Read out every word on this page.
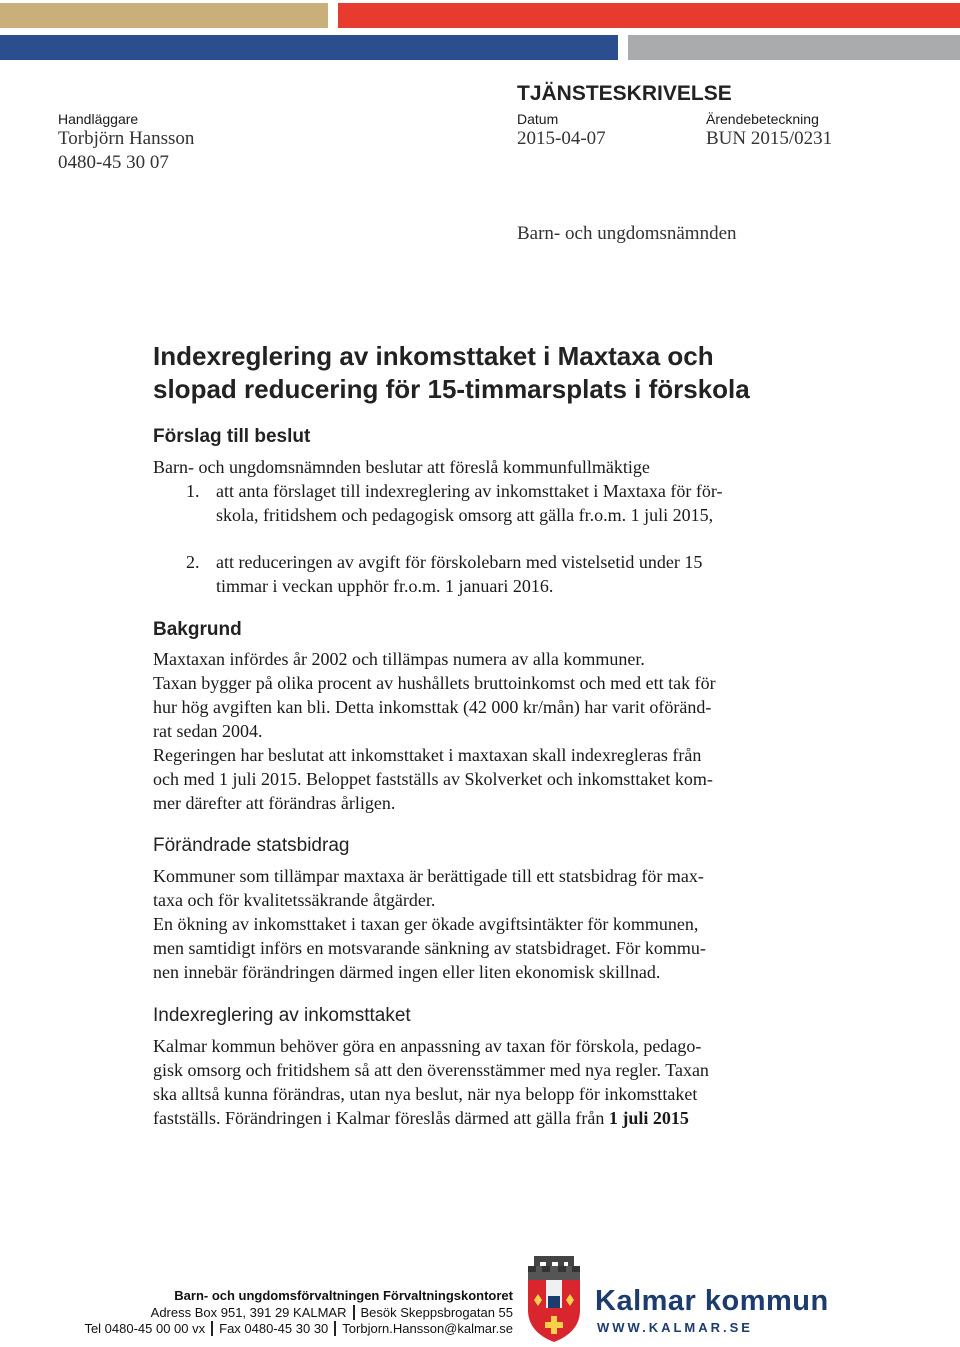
TJÄNSTESKRIVELSE
Handläggare
Torbjörn Hansson
0480-45 30 07
Datum
2015-04-07
Ärendebeteckning
BUN 2015/0231
Barn- och ungdomsnämnden
Indexreglering av inkomsttaket i Maxtaxa och
slopad reducering för 15-timmarsplats i förskola
Förslag till beslut
Barn- och ungdomsnämnden beslutar att föreslå kommunfullmäktige
1. att anta förslaget till indexreglering av inkomsttaket i Maxtaxa för för-
skola, fritidshem och pedagogisk omsorg att gälla fr.o.m. 1 juli 2015,
2. att reduceringen av avgift för förskolebarn med vistelsetid under 15
timmar i veckan upphör fr.o.m. 1 januari 2016.
Bakgrund
Maxtaxan infördes år 2002 och tillämpas numera av alla kommuner.
Taxan bygger på olika procent av hushållets bruttoinkomst och med ett tak för
hur hög avgiften kan bli. Detta inkomsttak (42 000 kr/mån) har varit oföränd-
rat sedan 2004.
Regeringen har beslutat att inkomsttaket i maxtaxan skall indexregleras från
och med 1 juli 2015. Beloppet fastställs av Skolverket och inkomsttaket kom-
mer därefter att förändras årligen.
Förändrade statsbidrag
Kommuner som tillämpar maxtaxa är berättigade till ett statsbidrag för max-
taxa och för kvalitetssäkrande åtgärder.
En ökning av inkomsttaket i taxan ger ökade avgiftsintäkter för kommunen,
men samtidigt införs en motsvarande sänkning av statsbidraget. För kommu-
nen innebär förändringen därmed ingen eller liten ekonomisk skillnad.
Indexreglering av inkomsttaket
Kalmar kommun behöver göra en anpassning av taxan för förskola, pedago-
gisk omsorg och fritidshem så att den överensstämmer med nya regler. Taxan
ska alltså kunna förändras, utan nya beslut, när nya belopp för inkomsttaket
fastställs. Förändringen i Kalmar föreslås därmed att gälla från 1 juli 2015
Barn- och ungdomsförvaltningen Förvaltningskontoret
Adress Box 951, 391 29 KALMAR Besök Skeppsbrogatan 55
Tel 0480-45 00 00 vx Fax 0480-45 30 30 Torbjorn.Hansson@kalmar.se
Kalmar kommun
WWW.KALMAR.SE
